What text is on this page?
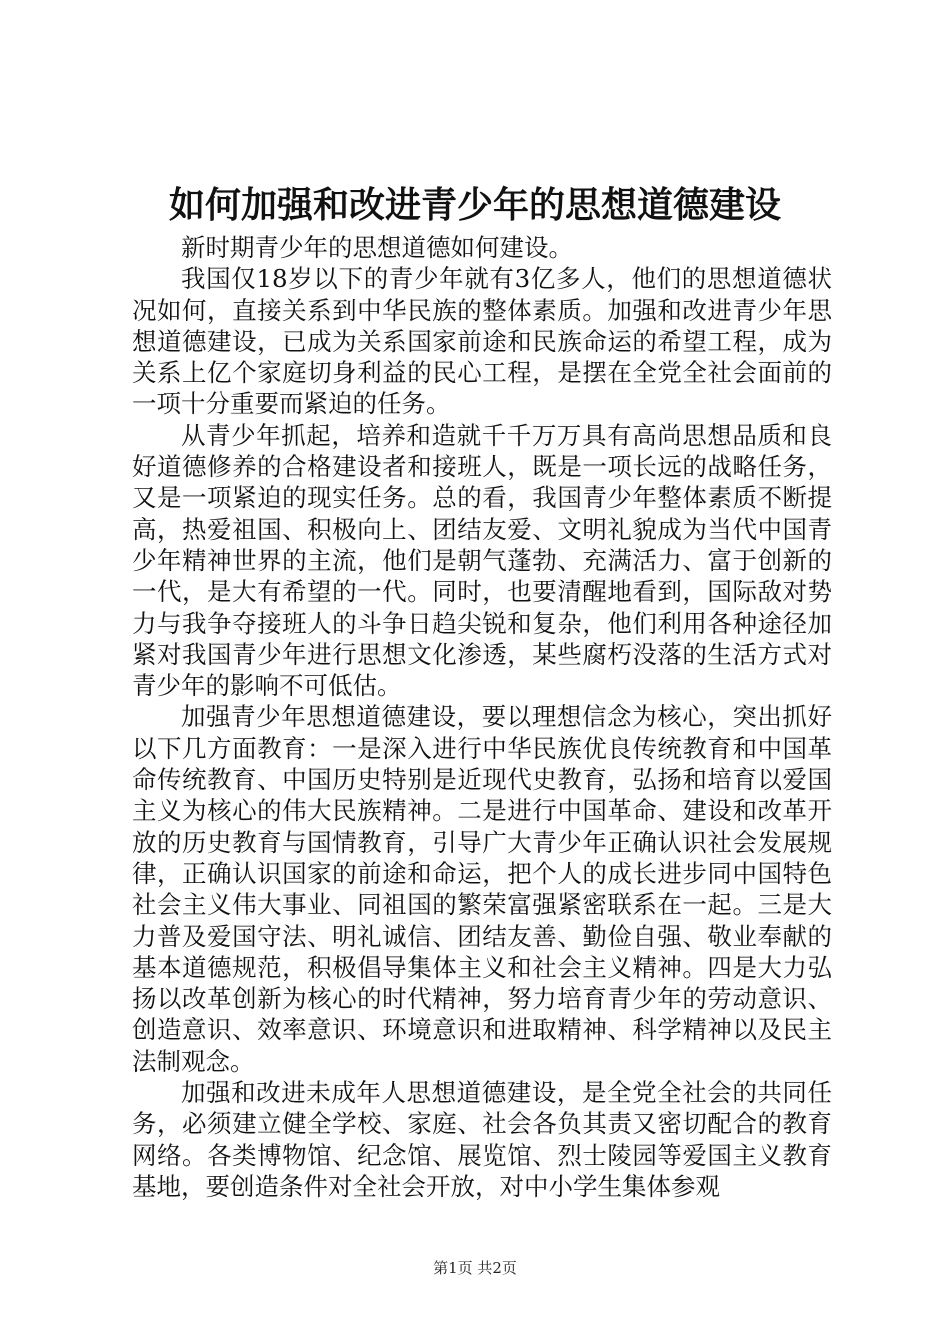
如何加强和改进青少年的思想道德建设

新时期青少年的思想道德如何建设。

我国仅18岁以下的青少年就有3亿多人，他们的思想道德状况如何，直接关系到中华民族的整体素质。加强和改进青少年思想道德建设，已成为关系国家前途和民族命运的希望工程，成为关系上亿个家庭切身利益的民心工程，是摆在全党全社会面前的一项十分重要而紧迫的任务。

从青少年抓起，培养和造就千千万万具有高尚思想品质和良好道德修养的合格建设者和接班人，既是一项长远的战略任务，又是一项紧迫的现实任务。总的看，我国青少年整体素质不断提高，热爱祖国、积极向上、团结友爱、文明礼貌成为当代中国青少年精神世界的主流，他们是朝气蓬勃、充满活力、富于创新的一代，是大有希望的一代。同时，也要清醒地看到，国际敌对势力与我争夺接班人的斗争日趋尖锐和复杂，他们利用各种途径加紧对我国青少年进行思想文化渗透，某些腐朽没落的生活方式对青少年的影响不可低估。

加强青少年思想道德建设，要以理想信念为核心，突出抓好以下几方面教育：一是深入进行中华民族优良传统教育和中国革命传统教育、中国历史特别是近现代史教育，弘扬和培育以爱国主义为核心的伟大民族精神。二是进行中国革命、建设和改革开放的历史教育与国情教育，引导广大青少年正确认识社会发展规律，正确认识国家的前途和命运，把个人的成长进步同中国特色社会主义伟大事业、同祖国的繁荣富强紧密联系在一起。三是大力普及爱国守法、明礼诚信、团结友善、勤俭自强、敬业奉献的基本道德规范，积极倡导集体主义和社会主义精神。四是大力弘扬以改革创新为核心的时代精神，努力培育青少年的劳动意识、创造意识、效率意识、环境意识和进取精神、科学精神以及民主法制观念。

加强和改进未成年人思想道德建设，是全党全社会的共同任务，必须建立健全学校、家庭、社会各负其责又密切配合的教育网络。各类博物馆、纪念馆、展览馆、烈士陵园等爱国主义教育基地，要创造条件对全社会开放，对中小学生集体参观

第1页 共2页
